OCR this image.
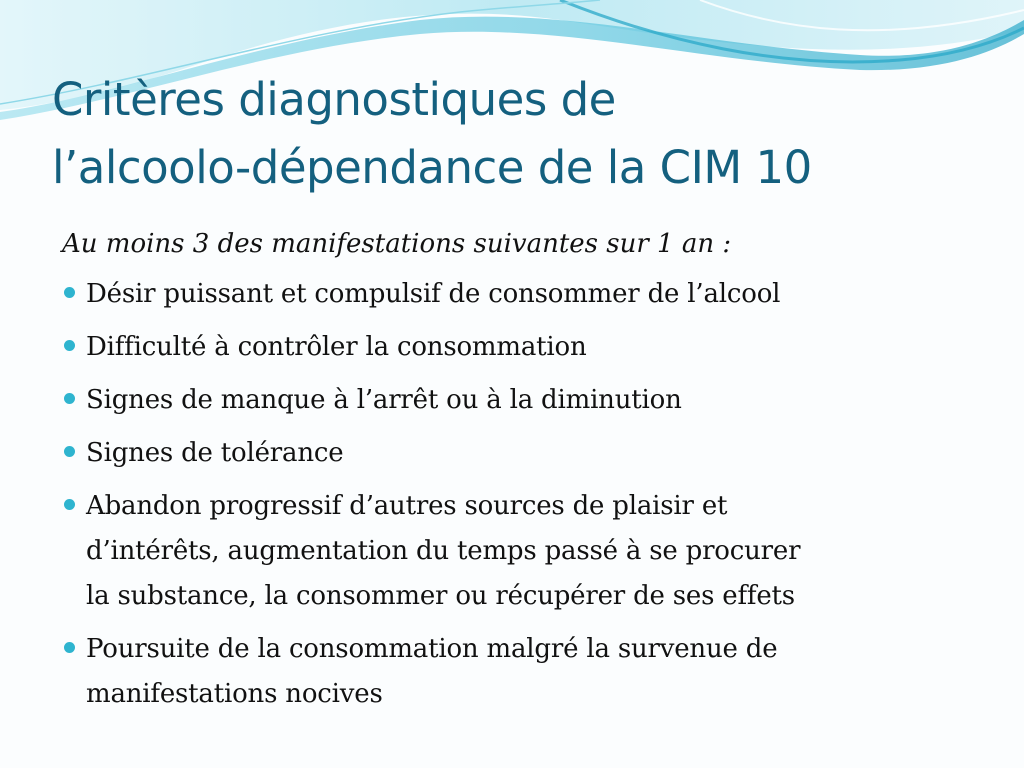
Critères diagnostiques de
l’alcoolo-dépendance de la CIM 10

Au moins 3 des manifestations suivantes sur 1 an :

Désir puissant et compulsif de consommer de l’alcool
Difficulté à contrôler la consommation
Signes de manque à l’arrêt ou à la diminution
Signes de tolérance
Abandon progressif d’autres sources de plaisir et
d’intérêts, augmentation du temps passé à se procurer
la substance, la consommer ou récupérer de ses effets
Poursuite de la consommation malgré la survenue de
manifestations nocives
